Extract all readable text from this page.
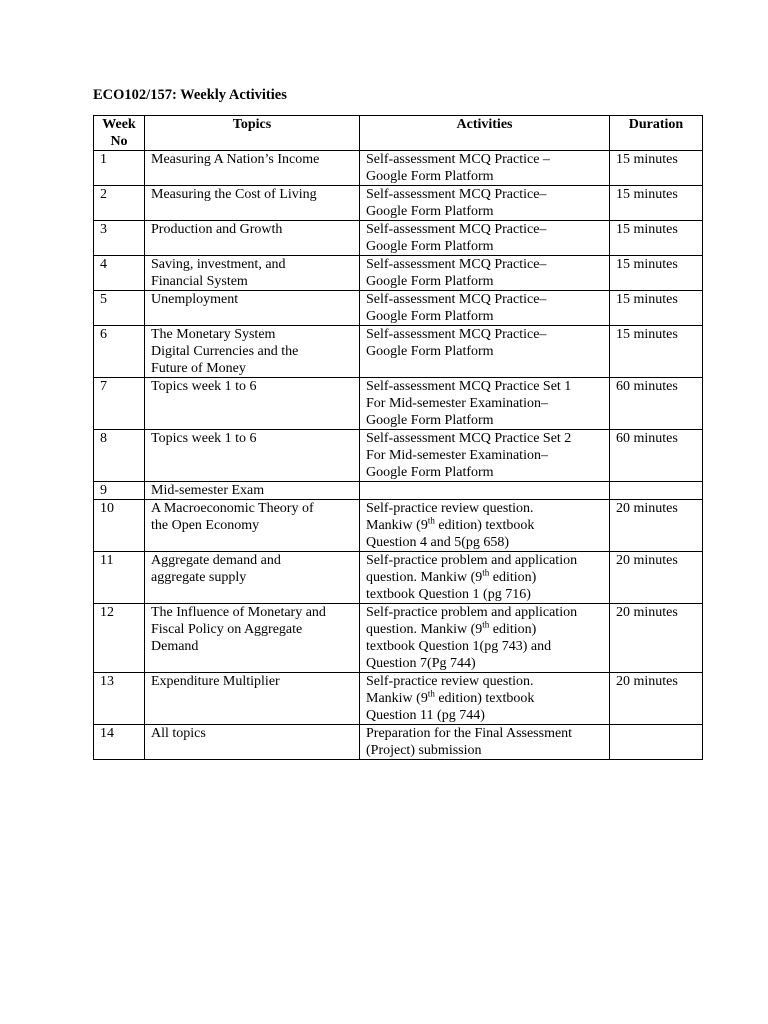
ECO102/157: Weekly Activities
Week
No	Topics	Activities	Duration
1	Measuring A Nation’s Income	Self-assessment MCQ Practice –
Google Form Platform	15 minutes
2	Measuring the Cost of Living	Self-assessment MCQ Practice–
Google Form Platform	15 minutes
3	Production and Growth	Self-assessment MCQ Practice–
Google Form Platform	15 minutes
4	Saving, investment, and
Financial System	Self-assessment MCQ Practice–
Google Form Platform	15 minutes
5	Unemployment	Self-assessment MCQ Practice–
Google Form Platform	15 minutes
6	The Monetary System
Digital Currencies and the
Future of Money	Self-assessment MCQ Practice–
Google Form Platform	15 minutes
7	Topics week 1 to 6	Self-assessment MCQ Practice Set 1
For Mid-semester Examination–
Google Form Platform	60 minutes
8	Topics week 1 to 6	Self-assessment MCQ Practice Set 2
For Mid-semester Examination–
Google Form Platform	60 minutes
9	Mid-semester Exam		
10	A Macroeconomic Theory of
the Open Economy	Self-practice review question.
Mankiw (9th edition) textbook
Question 4 and 5(pg 658)	20 minutes
11	Aggregate demand and
aggregate supply	Self-practice problem and application
question. Mankiw (9th edition)
textbook Question 1 (pg 716)	20 minutes
12	The Influence of Monetary and
Fiscal Policy on Aggregate
Demand	Self-practice problem and application
question. Mankiw (9th edition)
textbook Question 1(pg 743) and
Question 7(Pg 744)	20 minutes
13	Expenditure Multiplier	Self-practice review question.
Mankiw (9th edition) textbook
Question 11 (pg 744)	20 minutes
14	All topics	Preparation for the Final Assessment
(Project) submission	
